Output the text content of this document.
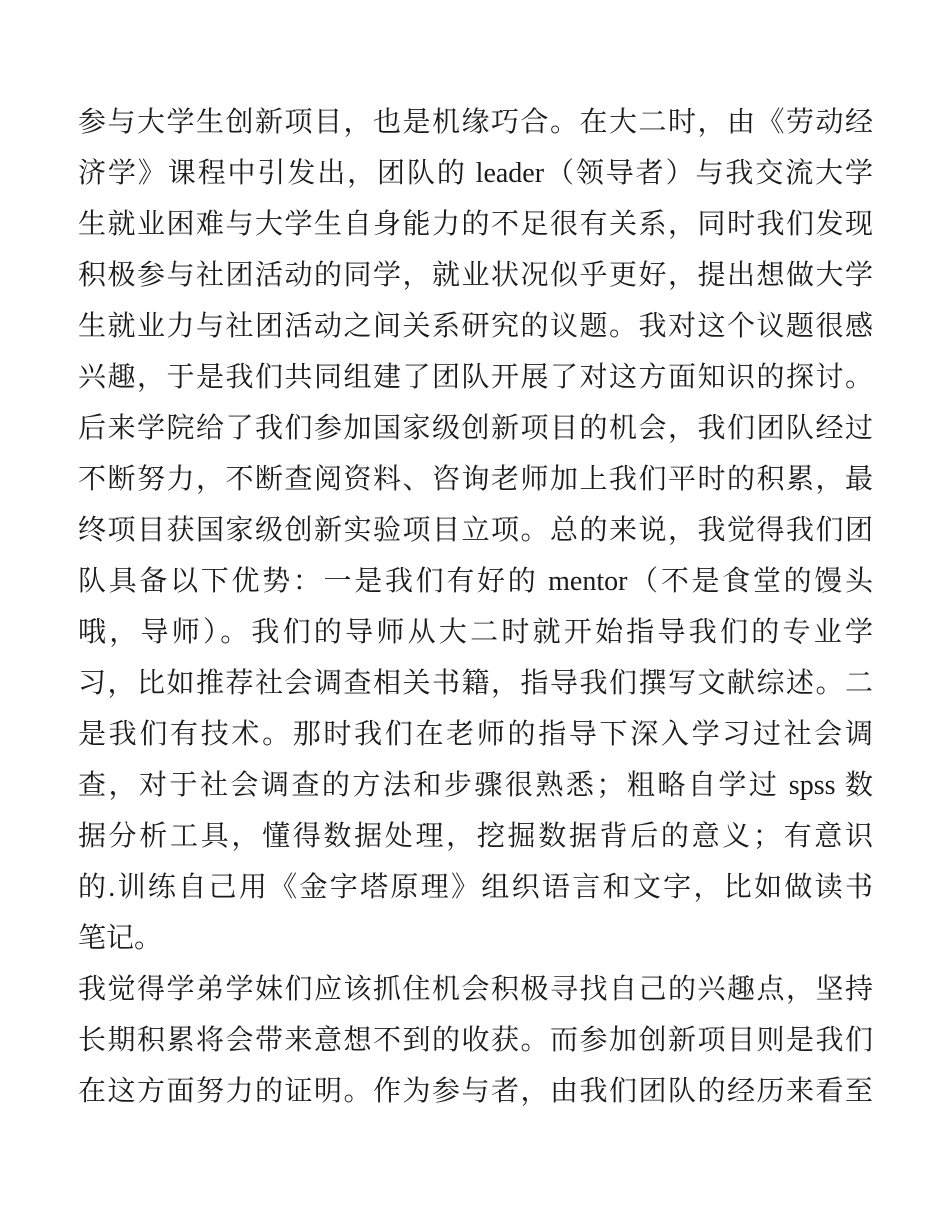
参与大学生创新项目，也是机缘巧合。在大二时，由《劳动经
济学》课程中引发出，团队的 leader（领导者）与我交流大学
生就业困难与大学生自身能力的不足很有关系，同时我们发现
积极参与社团活动的同学，就业状况似乎更好，提出想做大学
生就业力与社团活动之间关系研究的议题。我对这个议题很感
兴趣，于是我们共同组建了团队开展了对这方面知识的探讨。
后来学院给了我们参加国家级创新项目的机会，我们团队经过
不断努力，不断查阅资料、咨询老师加上我们平时的积累，最
终项目获国家级创新实验项目立项。总的来说，我觉得我们团
队具备以下优势：一是我们有好的 mentor（不是食堂的馒头
哦，导师）。我们的导师从大二时就开始指导我们的专业学
习，比如推荐社会调查相关书籍，指导我们撰写文献综述。二
是我们有技术。那时我们在老师的指导下深入学习过社会调
查，对于社会调查的方法和步骤很熟悉；粗略自学过 spss 数
据分析工具，懂得数据处理，挖掘数据背后的意义；有意识
的.训练自己用《金字塔原理》组织语言和文字，比如做读书
笔记。
我觉得学弟学妹们应该抓住机会积极寻找自己的兴趣点，坚持
长期积累将会带来意想不到的收获。而参加创新项目则是我们
在这方面努力的证明。作为参与者，由我们团队的经历来看至
